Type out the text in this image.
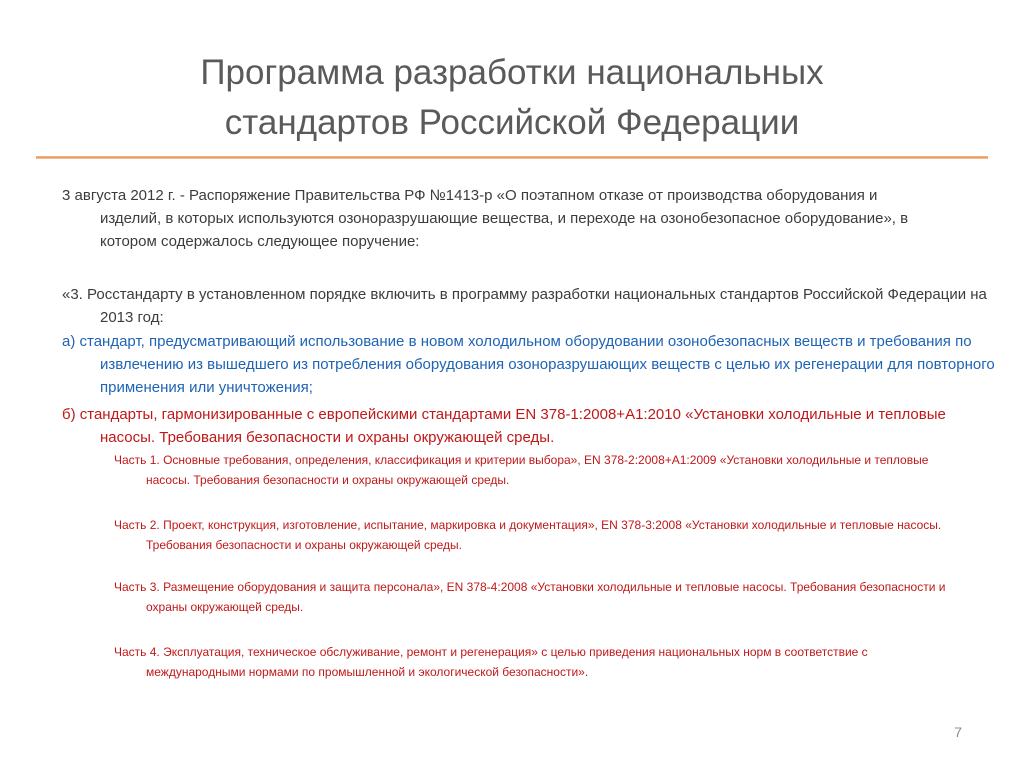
Программа разработки национальных
стандартов Российской Федерации
3 августа 2012 г. - Распоряжение Правительства РФ №1413-р «О поэтапном отказе от производства оборудования и изделий, в которых используются озоноразрушающие вещества, и переходе на озонобезопасное оборудование», в котором содержалось следующее поручение:
«3. Росстандарту в установленном порядке включить в программу разработки национальных стандартов Российской Федерации на 2013 год:
а) стандарт, предусматривающий использование в новом холодильном оборудовании озонобезопасных веществ и требования по извлечению из вышедшего из потребления оборудования озоноразрушающих веществ с целью их регенерации для повторного применения или уничтожения;
б) стандарты, гармонизированные с европейскими стандартами EN 378-1:2008+A1:2010 «Установки холодильные и тепловые насосы. Требования безопасности и охраны окружающей среды.
Часть 1. Основные требования, определения, классификация и критерии выбора», EN 378-2:2008+A1:2009 «Установки холодильные и тепловые насосы. Требования безопасности и охраны окружающей среды.
Часть 2. Проект, конструкция, изготовление, испытание, маркировка и документация», EN 378-3:2008 «Установки холодильные и тепловые насосы. Требования безопасности и охраны окружающей среды.
Часть 3. Размещение оборудования и защита персонала», EN 378-4:2008 «Установки холодильные и тепловые насосы. Требования безопасности и охраны окружающей среды.
Часть 4. Эксплуатация, техническое обслуживание, ремонт и регенерация» с целью приведения национальных норм в соответствие с международными нормами по промышленной и экологической безопасности».
7
